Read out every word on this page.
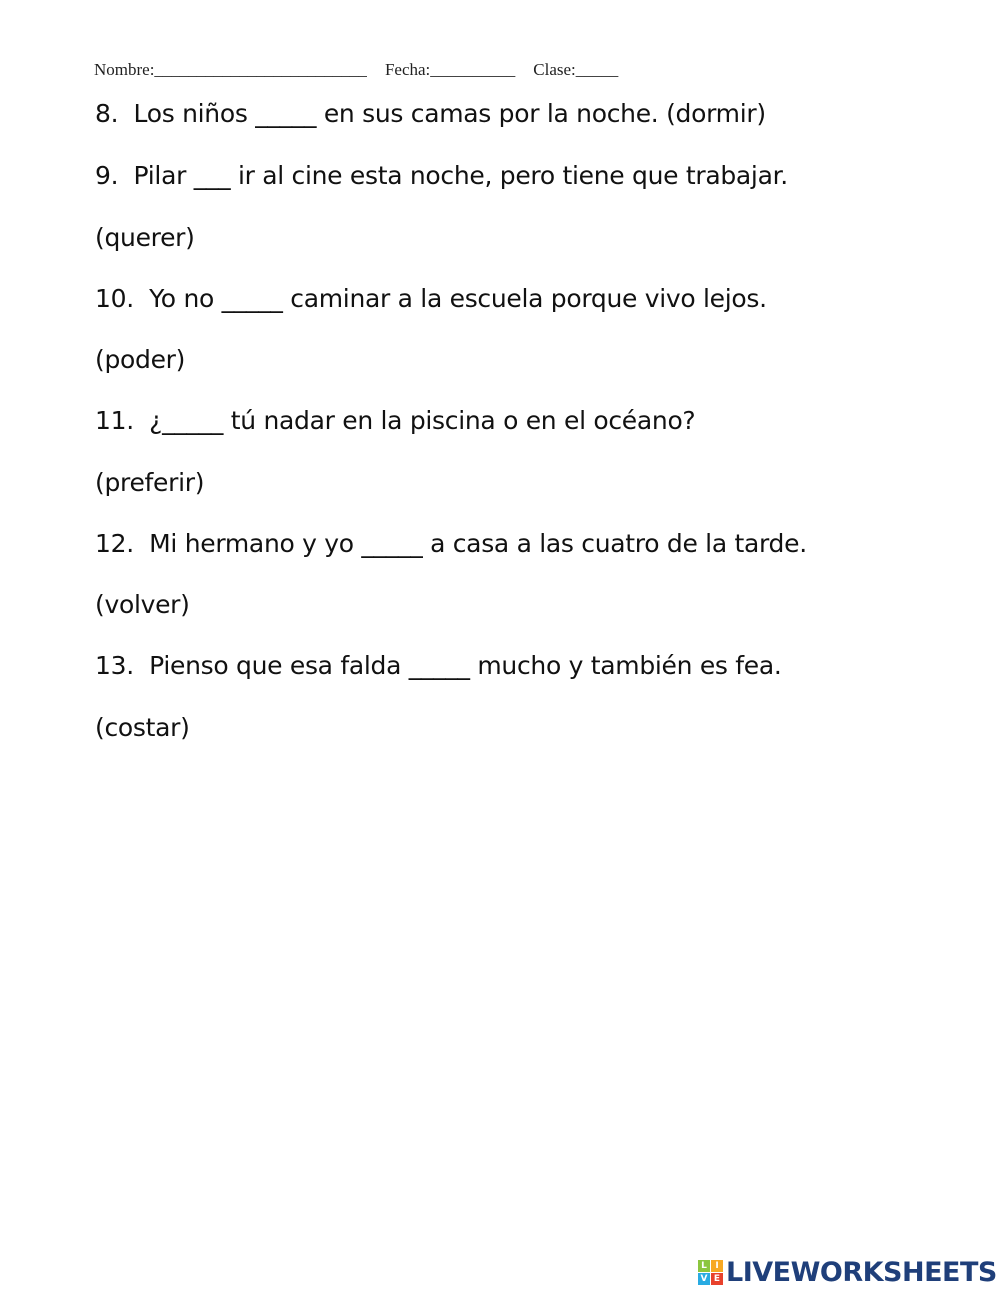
Nombre:_________________________ Fecha:__________ Clase:_____
8.  Los niños _____ en sus camas por la noche. (dormir)
9.  Pilar ___ ir al cine esta noche, pero tiene que trabajar.
(querer)
10.  Yo no _____ caminar a la escuela porque vivo lejos.
(poder)
11.  ¿_____ tú nadar en la piscina o en el océano?
(preferir)
12.  Mi hermano y yo _____ a casa a las cuatro de la tarde.
(volver)
13.  Pienso que esa falda _____ mucho y también es fea.
(costar)
L I
V E LIVEWORKSHEETS
